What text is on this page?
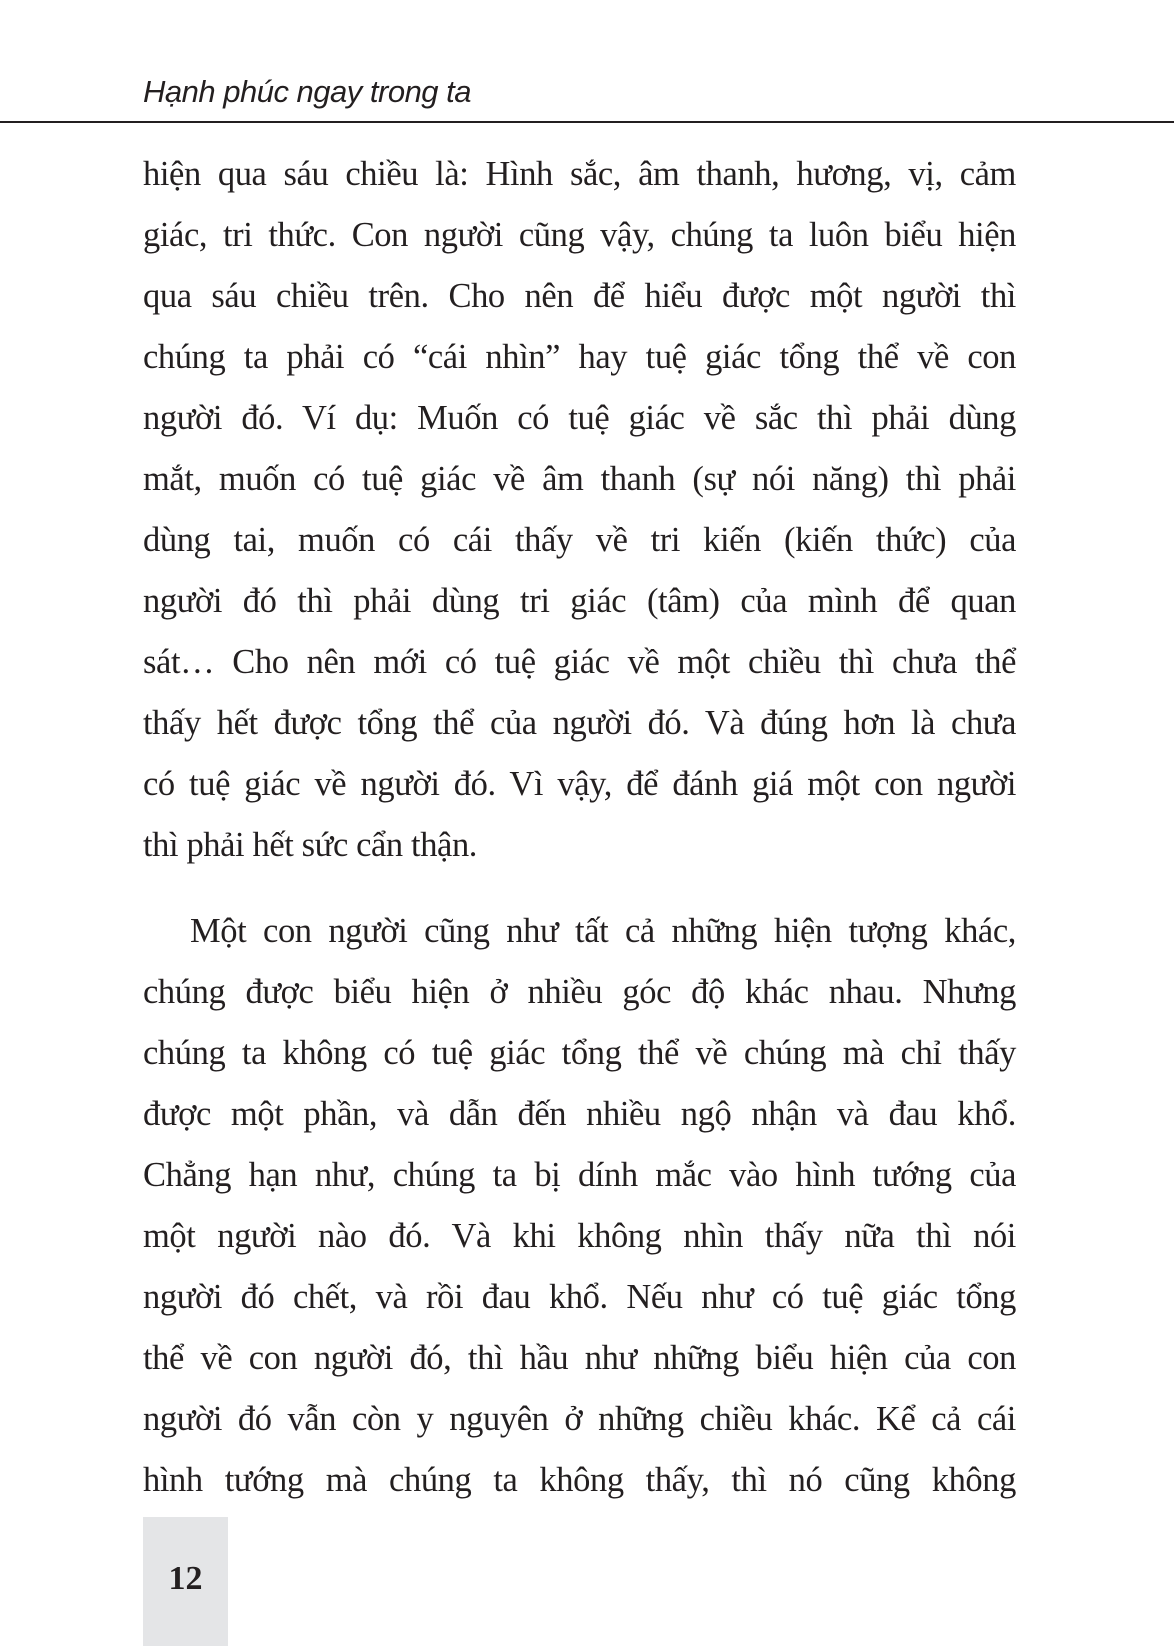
Hạnh phúc ngay trong ta
hiện qua sáu chiều là: Hình sắc, âm thanh, hương, vị, cảm
giác, tri thức. Con người cũng vậy, chúng ta luôn biểu hiện
qua sáu chiều trên. Cho nên để hiểu được một người thì
chúng ta phải có “cái nhìn” hay tuệ giác tổng thể về con
người đó. Ví dụ: Muốn có tuệ giác về sắc thì phải dùng
mắt, muốn có tuệ giác về âm thanh (sự nói năng) thì phải
dùng tai, muốn có cái thấy về tri kiến (kiến thức) của
người đó thì phải dùng tri giác (tâm) của mình để quan
sát… Cho nên mới có tuệ giác về một chiều thì chưa thể
thấy hết được tổng thể của người đó. Và đúng hơn là chưa
có tuệ giác về người đó. Vì vậy, để đánh giá một con người
thì phải hết sức cẩn thận.
Một con người cũng như tất cả những hiện tượng khác,
chúng được biểu hiện ở nhiều góc độ khác nhau. Nhưng
chúng ta không có tuệ giác tổng thể về chúng mà chỉ thấy
được một phần, và dẫn đến nhiều ngộ nhận và đau khổ.
Chẳng hạn như, chúng ta bị dính mắc vào hình tướng của
một người nào đó. Và khi không nhìn thấy nữa thì nói
người đó chết, và rồi đau khổ. Nếu như có tuệ giác tổng
thể về con người đó, thì hầu như những biểu hiện của con
người đó vẫn còn y nguyên ở những chiều khác. Kể cả cái
hình tướng mà chúng ta không thấy, thì nó cũng không
12
